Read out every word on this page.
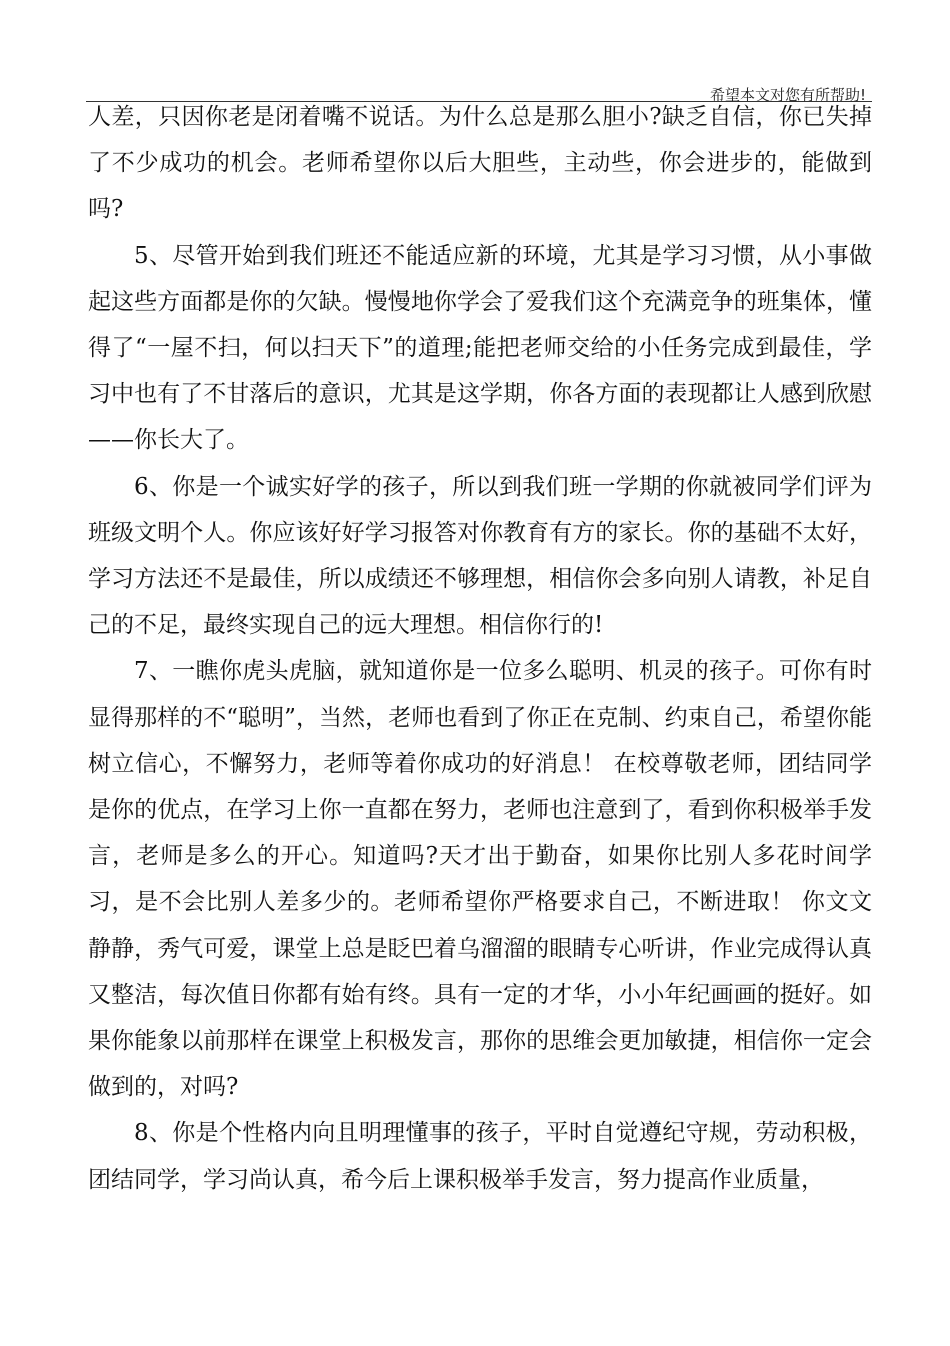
希望本文对您有所帮助!

人差，只因你老是闭着嘴不说话。为什么总是那么胆小?缺乏自信，你已失掉了不少成功的机会。老师希望你以后大胆些，主动些，你会进步的，能做到吗?

5、尽管开始到我们班还不能适应新的环境，尤其是学习习惯，从小事做起这些方面都是你的欠缺。慢慢地你学会了爱我们这个充满竞争的班集体，懂得了“一屋不扫，何以扫天下”的道理;能把老师交给的小任务完成到最佳，学习中也有了不甘落后的意识，尤其是这学期，你各方面的表现都让人感到欣慰——你长大了。

6、你是一个诚实好学的孩子，所以到我们班一学期的你就被同学们评为班级文明个人。你应该好好学习报答对你教育有方的家长。你的基础不太好，学习方法还不是最佳，所以成绩还不够理想，相信你会多向别人请教，补足自己的不足，最终实现自己的远大理想。相信你行的!

7、一瞧你虎头虎脑，就知道你是一位多么聪明、机灵的孩子。可你有时显得那样的不“聪明”，当然，老师也看到了你正在克制、约束自己，希望你能树立信心，不懈努力，老师等着你成功的好消息！ 在校尊敬老师，团结同学是你的优点，在学习上你一直都在努力，老师也注意到了，看到你积极举手发言，老师是多么的开心。知道吗?天才出于勤奋，如果你比别人多花时间学习，是不会比别人差多少的。老师希望你严格要求自己，不断进取！ 你文文静静，秀气可爱，课堂上总是眨巴着乌溜溜的眼睛专心听讲，作业完成得认真又整洁，每次值日你都有始有终。具有一定的才华，小小年纪画画的挺好。如果你能象以前那样在课堂上积极发言，那你的思维会更加敏捷，相信你一定会做到的，对吗?

8、你是个性格内向且明理懂事的孩子，平时自觉遵纪守规，劳动积极，团结同学，学习尚认真，希今后上课积极举手发言，努力提高作业质量，
